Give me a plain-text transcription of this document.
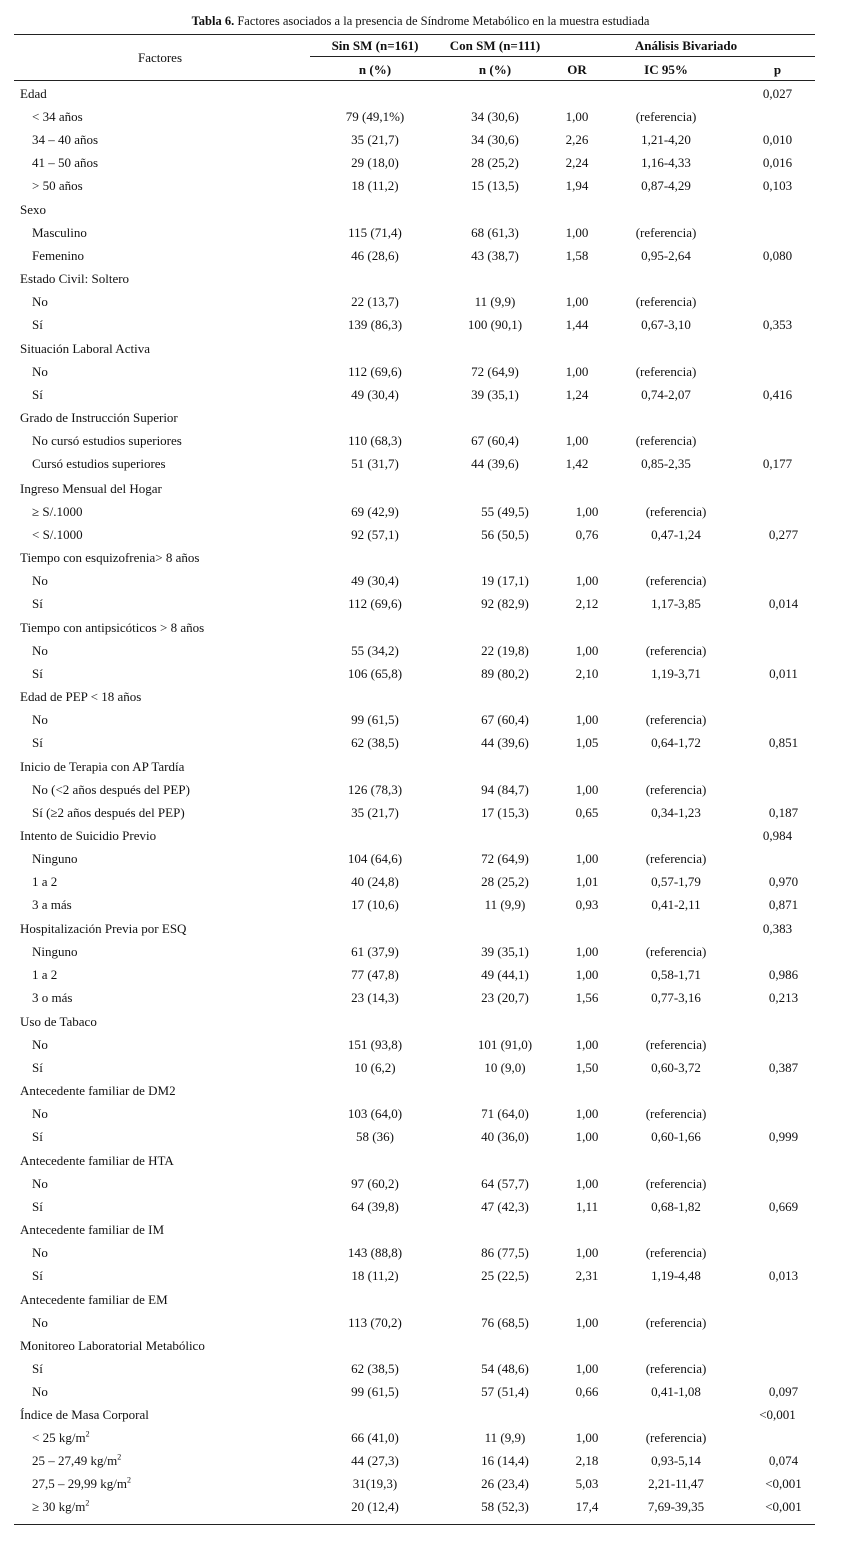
Tabla 6. Factores asociados a la presencia de Síndrome Metabólico en la muestra estudiada
Factores
Sin SM (n=161)	Con SM (n=111)	Análisis Bivariado
n (%)	n (%)	OR	IC 95%	p
Edad	0,027
< 34 años	79 (49,1%)	34 (30,6)	1,00	(referencia)
34 – 40 años	35 (21,7)	34 (30,6)	2,26	1,21-4,20	0,010
41 – 50 años	29 (18,0)	28 (25,2)	2,24	1,16-4,33	0,016
> 50 años	18 (11,2)	15 (13,5)	1,94	0,87-4,29	0,103
Sexo
Masculino	115 (71,4)	68 (61,3)	1,00	(referencia)
Femenino	46 (28,6)	43 (38,7)	1,58	0,95-2,64	0,080
Estado Civil: Soltero
No	22 (13,7)	11 (9,9)	1,00	(referencia)
Sí	139 (86,3)	100 (90,1)	1,44	0,67-3,10	0,353
Situación Laboral Activa
No	112 (69,6)	72 (64,9)	1,00	(referencia)
Sí	49 (30,4)	39 (35,1)	1,24	0,74-2,07	0,416
Grado de Instrucción Superior
No cursó estudios superiores	110 (68,3)	67 (60,4)	1,00	(referencia)
Cursó estudios superiores	51 (31,7)	44 (39,6)	1,42	0,85-2,35	0,177
Ingreso Mensual del Hogar
≥ S/.1000	69 (42,9)	55 (49,5)	1,00	(referencia)
< S/.1000	92 (57,1)	56 (50,5)	0,76	0,47-1,24	0,277
Tiempo con esquizofrenia> 8 años
No	49 (30,4)	19 (17,1)	1,00	(referencia)
Sí	112 (69,6)	92 (82,9)	2,12	1,17-3,85	0,014
Tiempo con antipsicóticos > 8 años
No	55 (34,2)	22 (19,8)	1,00	(referencia)
Sí	106 (65,8)	89 (80,2)	2,10	1,19-3,71	0,011
Edad de PEP < 18 años
No	99 (61,5)	67 (60,4)	1,00	(referencia)
Sí	62 (38,5)	44 (39,6)	1,05	0,64-1,72	0,851
Inicio de Terapia con AP Tardía
No (<2 años después del PEP)	126 (78,3)	94 (84,7)	1,00	(referencia)
Sí (≥2 años después del PEP)	35 (21,7)	17 (15,3)	0,65	0,34-1,23	0,187
Intento de Suicidio Previo	0,984
Ninguno	104 (64,6)	72 (64,9)	1,00	(referencia)
1 a 2	40 (24,8)	28 (25,2)	1,01	0,57-1,79	0,970
3 a más	17 (10,6)	11 (9,9)	0,93	0,41-2,11	0,871
Hospitalización Previa por ESQ	0,383
Ninguno	61 (37,9)	39 (35,1)	1,00	(referencia)
1 a 2	77 (47,8)	49 (44,1)	1,00	0,58-1,71	0,986
3 o más	23 (14,3)	23 (20,7)	1,56	0,77-3,16	0,213
Uso de Tabaco
No	151 (93,8)	101 (91,0)	1,00	(referencia)
Sí	10 (6,2)	10 (9,0)	1,50	0,60-3,72	0,387
Antecedente familiar de DM2
No	103 (64,0)	71 (64,0)	1,00	(referencia)
Sí	58 (36)	40 (36,0)	1,00	0,60-1,66	0,999
Antecedente familiar de HTA
No	97 (60,2)	64 (57,7)	1,00	(referencia)
Sí	64 (39,8)	47 (42,3)	1,11	0,68-1,82	0,669
Antecedente familiar de IM
No	143 (88,8)	86 (77,5)	1,00	(referencia)
Sí	18 (11,2)	25 (22,5)	2,31	1,19-4,48	0,013
Antecedente familiar de EM
No	113 (70,2)	76 (68,5)	1,00	(referencia)
Monitoreo Laboratorial Metabólico
Sí	62 (38,5)	54 (48,6)	1,00	(referencia)
No	99 (61,5)	57 (51,4)	0,66	0,41-1,08	0,097
Índice de Masa Corporal	<0,001
< 25 $kg/m^2$	66 (41,0)	11 (9,9)	1,00	(referencia)
25 – 27,49 $kg/m^2$	44 (27,3)	16 (14,4)	2,18	0,93-5,14	0,074
27,5 – 29,99 $kg/m^2$	31(19,3)	26 (23,4)	5,03	2,21-11,47	<0,001
≥ 30 $kg/m^2$	20 (12,4)	58 (52,3)	17,4	7,69-39,35	<0,001
